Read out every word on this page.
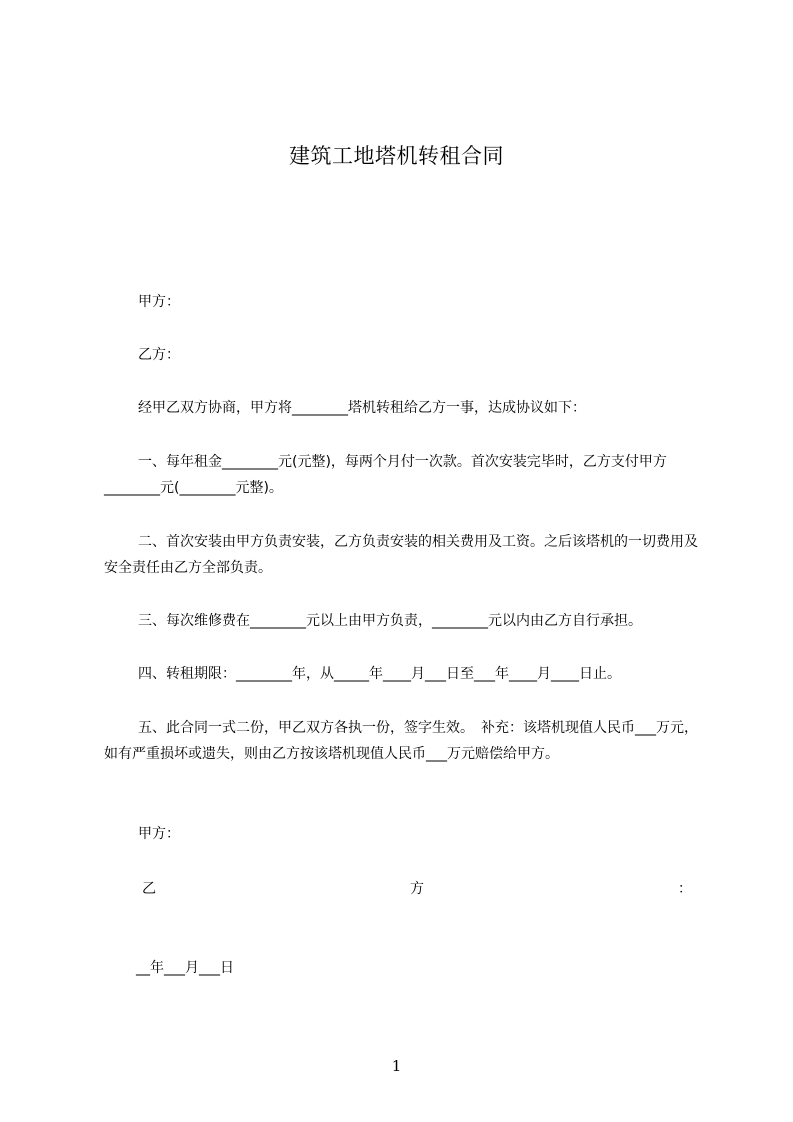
建筑工地塔机转租合同
甲方：
乙方：
经甲乙双方协商，甲方将________塔机转租给乙方一事，达成协议如下：
一、每年租金________元(元整)，每两个月付一次款。首次安装完毕时，乙方支付甲方________元(________元整)。
二、首次安装由甲方负责安装，乙方负责安装的相关费用及工资。之后该塔机的一切费用及安全责任由乙方全部负责。
三、每次维修费在________元以上由甲方负责，________元以内由乙方自行承担。
四、转租期限：________年，从_____年____月___日至___年____月____日止。
五、此合同一式二份，甲乙双方各执一份，签字生效。　补充：该塔机现值人民币___万元，如有严重损坏或遗失，则由乙方按该塔机现值人民币___万元赔偿给甲方。
甲方：
乙	方	：
__年___月___日
1
